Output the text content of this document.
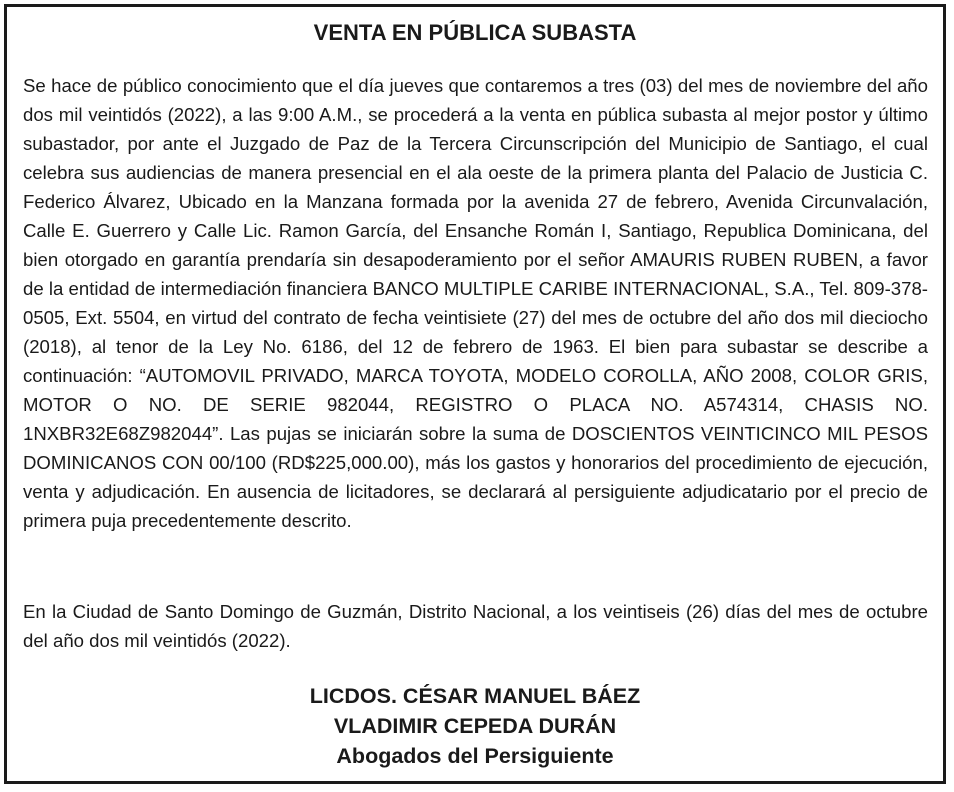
VENTA EN PÚBLICA SUBASTA

Se hace de público conocimiento que el día jueves que contaremos a tres (03) del mes de noviembre del año dos mil veintidós (2022), a las 9:00 A.M., se procederá a la venta en pública subasta al mejor postor y último subastador, por ante el Juzgado de Paz de la Tercera Circunscripción del Municipio de Santiago, el cual celebra sus audiencias de manera presencial en el ala oeste de la primera planta del Palacio de Justicia C. Federico Álvarez, Ubicado en la Manzana formada por la avenida 27 de febrero, Avenida Circunvalación, Calle E. Guerrero y Calle Lic. Ramon García, del Ensanche Román I, Santiago, Republica Dominicana, del bien otorgado en garantía prendaría sin desapoderamiento por el señor AMAURIS RUBEN RUBEN, a favor de la entidad de intermediación financiera BANCO MULTIPLE CARIBE INTERNACIONAL, S.A., Tel. 809-378-0505, Ext. 5504, en virtud del contrato de fecha veintisiete (27) del mes de octubre del año dos mil dieciocho (2018), al tenor de la Ley No. 6186, del 12 de febrero de 1963. El bien para subastar se describe a continuación: “AUTOMOVIL PRIVADO, MARCA TOYOTA, MODELO COROLLA, AÑO 2008, COLOR GRIS, MOTOR O NO. DE SERIE 982044, REGISTRO O PLACA NO. A574314, CHASIS NO. 1NXBR32E68Z982044”. Las pujas se iniciarán sobre la suma de DOSCIENTOS VEINTICINCO MIL PESOS DOMINICANOS CON 00/100 (RD$225,000.00), más los gastos y honorarios del procedimiento de ejecución, venta y adjudicación. En ausencia de licitadores, se declarará al persiguiente adjudicatario por el precio de primera puja precedentemente descrito.

En la Ciudad de Santo Domingo de Guzmán, Distrito Nacional, a los veintiseis (26) días del mes de octubre del año dos mil veintidós (2022).

LICDOS. CÉSAR MANUEL BÁEZ
VLADIMIR CEPEDA DURÁN
Abogados del Persiguiente
